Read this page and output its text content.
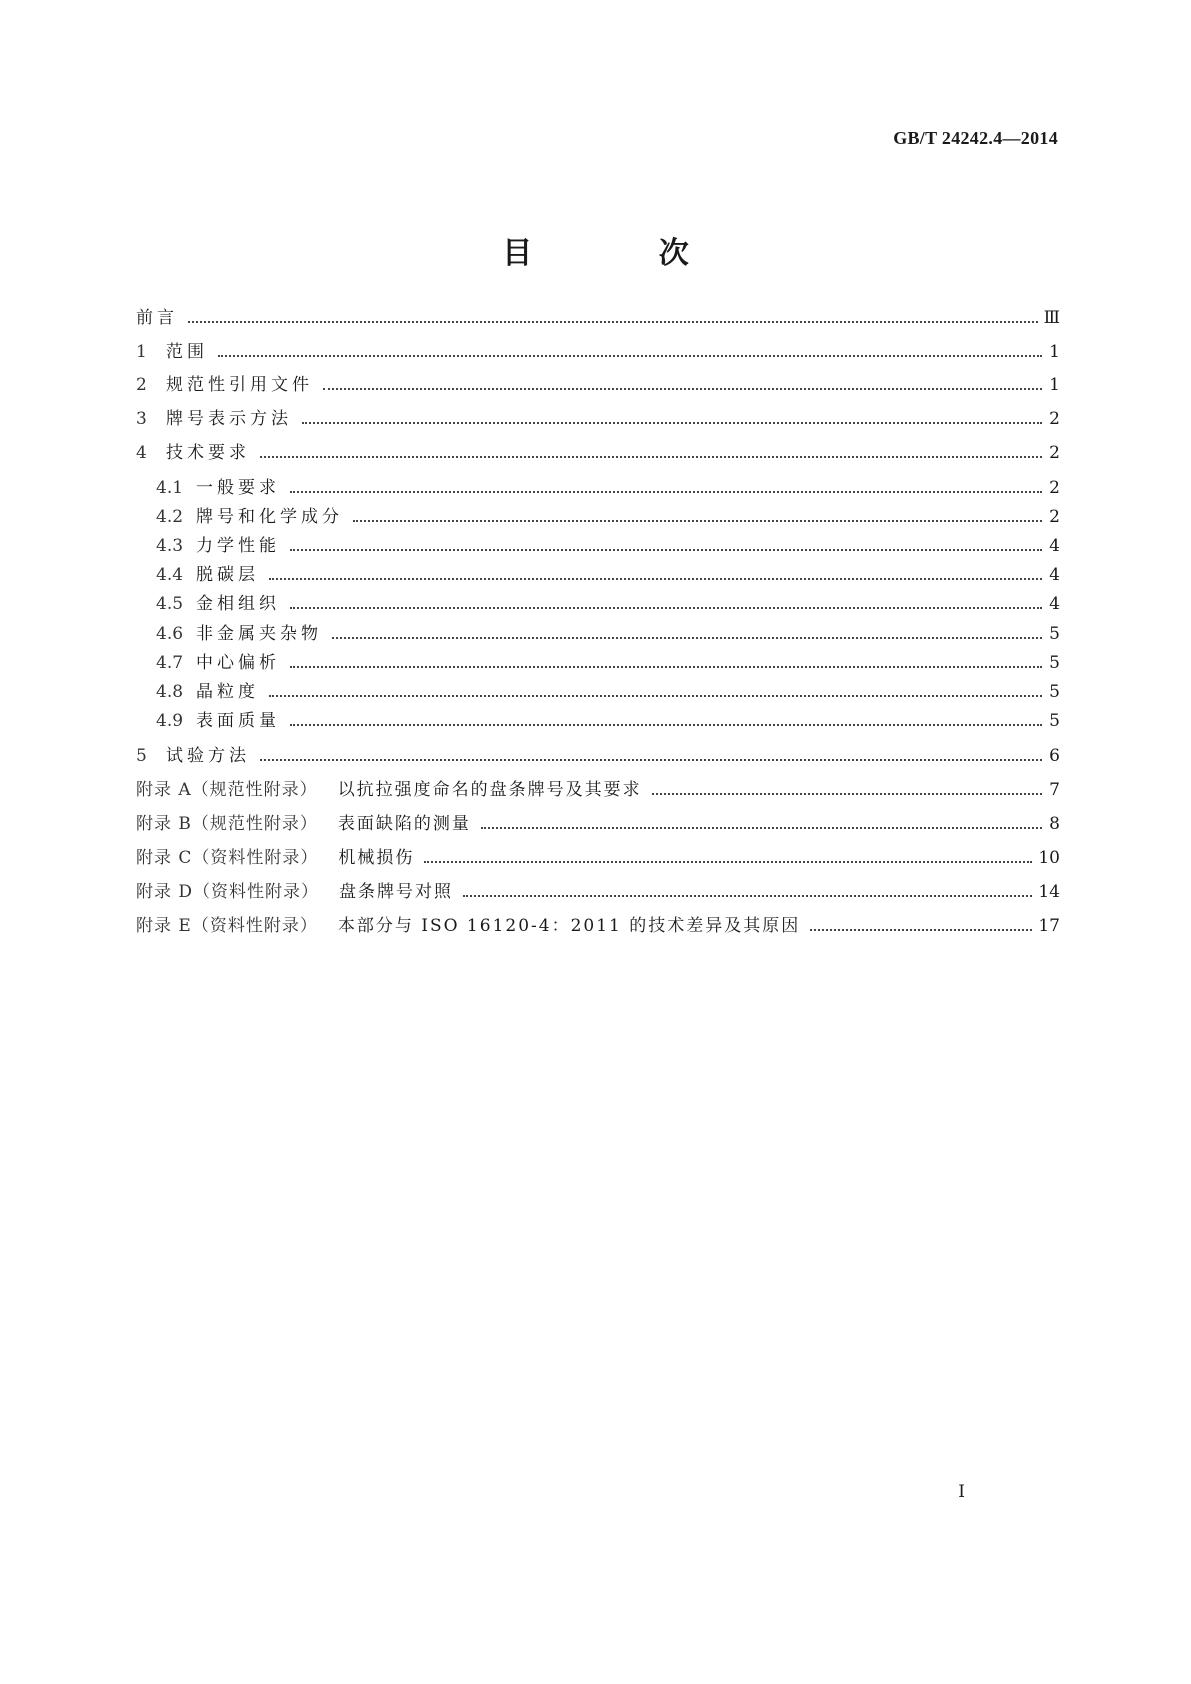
GB/T 24242.4—2014
目 次
前言	Ⅲ
1	范围	1
2	规范性引用文件	1
3	牌号表示方法	2
4	技术要求	2
4.1 一般要求	2
4.2 牌号和化学成分	2
4.3 力学性能	4
4.4 脱碳层	4
4.5 金相组织	4
4.6 非金属夹杂物	5
4.7 中心偏析	5
4.8 晶粒度	5
4.9 表面质量	5
5	试验方法	6
附录 A（规范性附录） 以抗拉强度命名的盘条牌号及其要求	7
附录 B（规范性附录） 表面缺陷的测量	8
附录 C（资料性附录） 机械损伤	10
附录 D（资料性附录） 盘条牌号对照	14
附录 E（资料性附录） 本部分与 ISO 16120-4：2011 的技术差异及其原因	17
I
